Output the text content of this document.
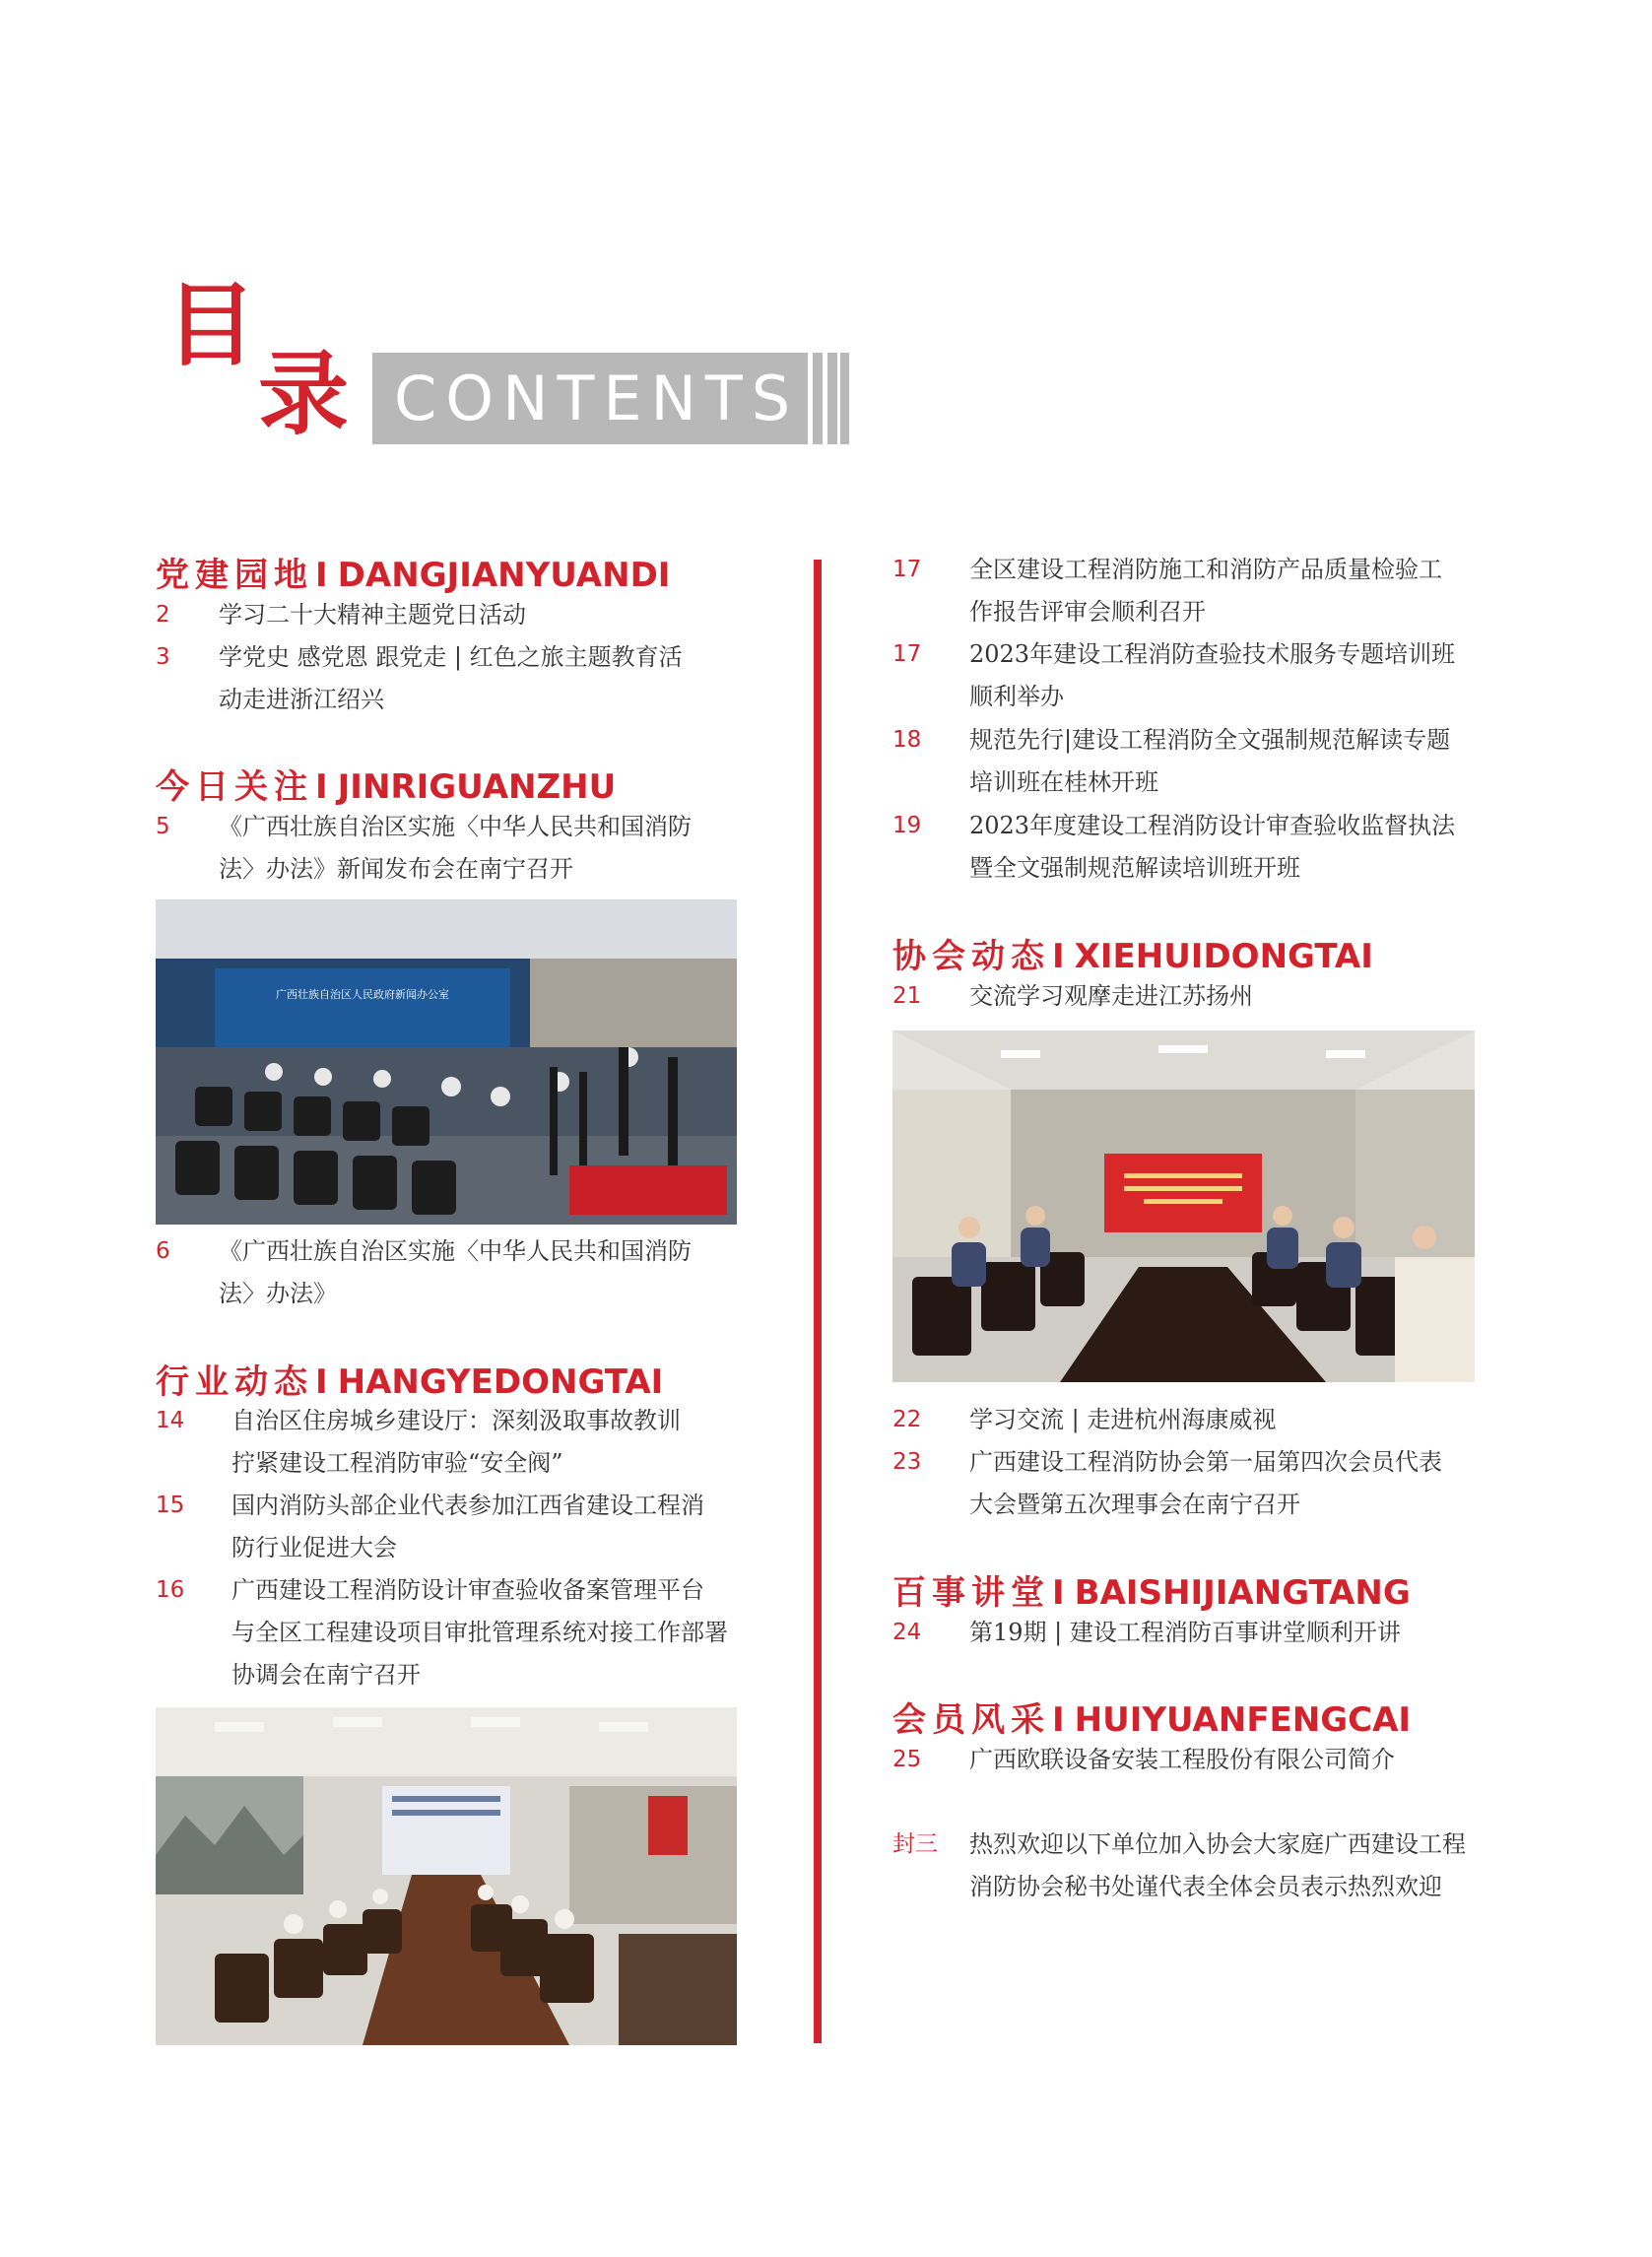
目
录 CONTENTS
党建园地I DANGJIANYUANDI
2 学习二十大精神主题党日活动
3 学党史 感党恩 跟党走 | 红色之旅主题教育活
动走进浙江绍兴
今日关注I JINRIGUANZHU
5 《广西壮族自治区实施〈中华人民共和国消防
法〉办法》新闻发布会在南宁召开
广西壮族自治区人民政府新闻办公室
6 《广西壮族自治区实施〈中华人民共和国消防
法〉办法》
行业动态I HANGYEDONGTAI
14 自治区住房城乡建设厅：深刻汲取事故教训
拧紧建设工程消防审验“安全阀”
15 国内消防头部企业代表参加江西省建设工程消
防行业促进大会
16 广西建设工程消防设计审查验收备案管理平台
与全区工程建设项目审批管理系统对接工作部署
协调会在南宁召开
17 全区建设工程消防施工和消防产品质量检验工
作报告评审会顺利召开
17 2023年建设工程消防查验技术服务专题培训班
顺利举办
18 规范先行|建设工程消防全文强制规范解读专题
培训班在桂林开班
19 2023年度建设工程消防设计审查验收监督执法
暨全文强制规范解读培训班开班
协会动态I XIEHUIDONGTAI
21 交流学习观摩走进江苏扬州
22 学习交流 | 走进杭州海康威视
23 广西建设工程消防协会第一届第四次会员代表
大会暨第五次理事会在南宁召开
百事讲堂I BAISHIJIANGTANG
24 第19期 | 建设工程消防百事讲堂顺利开讲
会员风采I HUIYUANFENGCAI
25 广西欧联设备安装工程股份有限公司简介
封三 热烈欢迎以下单位加入协会大家庭广西建设工程
消防协会秘书处谨代表全体会员表示热烈欢迎
